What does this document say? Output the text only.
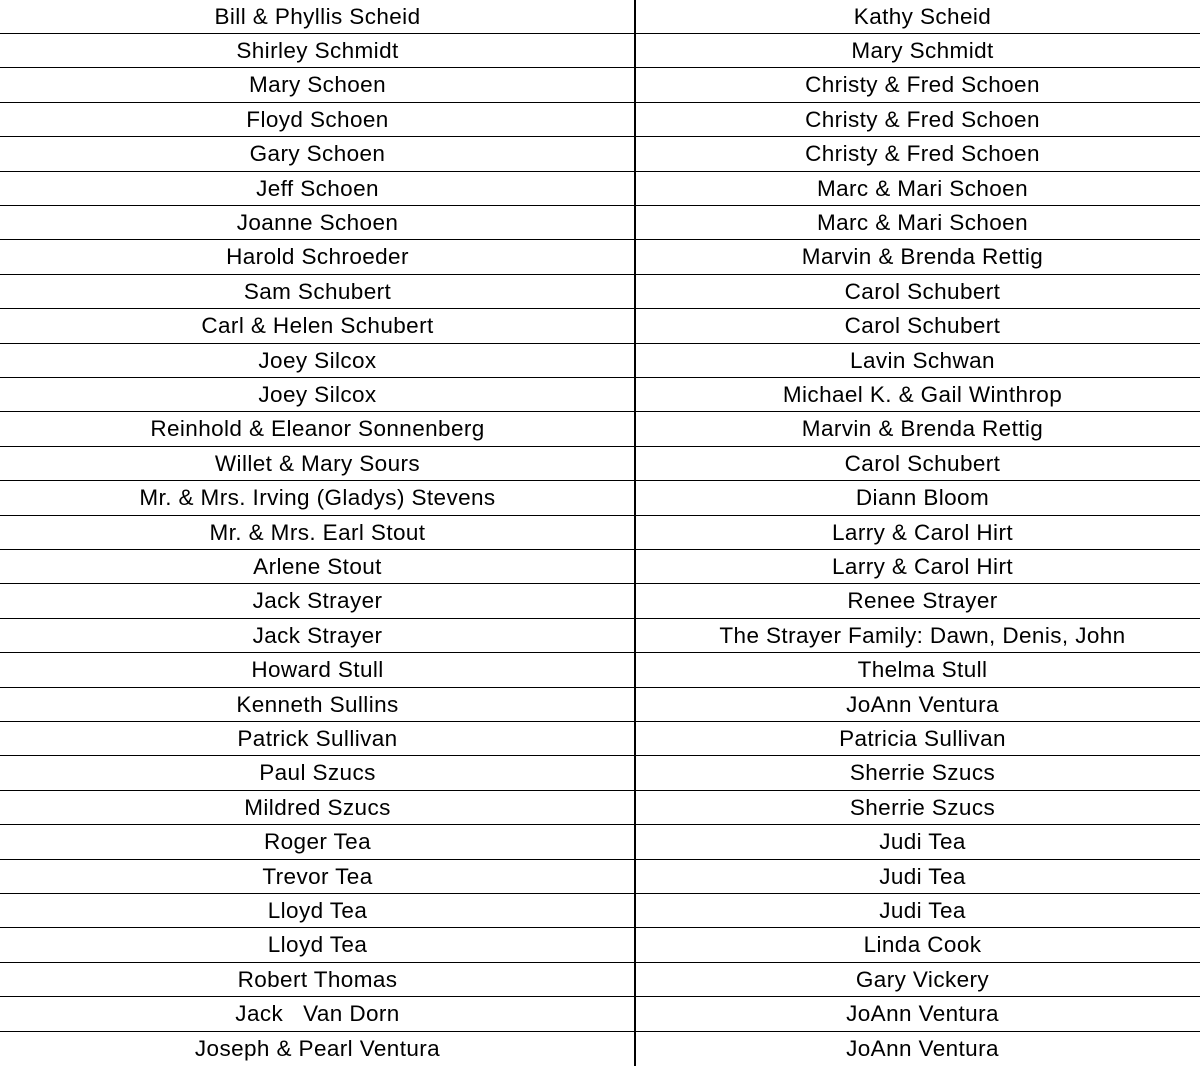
Bill & Phyllis Scheid	Kathy Scheid
Shirley Schmidt	Mary Schmidt
Mary Schoen	Christy & Fred Schoen
Floyd Schoen	Christy & Fred Schoen
Gary Schoen	Christy & Fred Schoen
Jeff Schoen	Marc & Mari Schoen
Joanne Schoen	Marc & Mari Schoen
Harold Schroeder	Marvin & Brenda Rettig
Sam Schubert	Carol Schubert
Carl & Helen Schubert	Carol Schubert
Joey Silcox	Lavin Schwan
Joey Silcox	Michael K. & Gail Winthrop
Reinhold & Eleanor Sonnenberg	Marvin & Brenda Rettig
Willet & Mary Sours	Carol Schubert
Mr. & Mrs. Irving (Gladys) Stevens	Diann Bloom
Mr. & Mrs. Earl Stout	Larry & Carol Hirt
Arlene Stout	Larry & Carol Hirt
Jack Strayer	Renee Strayer
Jack Strayer	The Strayer Family: Dawn, Denis, John
Howard Stull	Thelma Stull
Kenneth Sullins	JoAnn Ventura
Patrick Sullivan	Patricia Sullivan
Paul Szucs	Sherrie Szucs
Mildred Szucs	Sherrie Szucs
Roger Tea	Judi Tea
Trevor Tea	Judi Tea
Lloyd Tea	Judi Tea
Lloyd Tea	Linda Cook
Robert Thomas	Gary Vickery
Jack   Van Dorn	JoAnn Ventura
Joseph & Pearl Ventura	JoAnn Ventura
